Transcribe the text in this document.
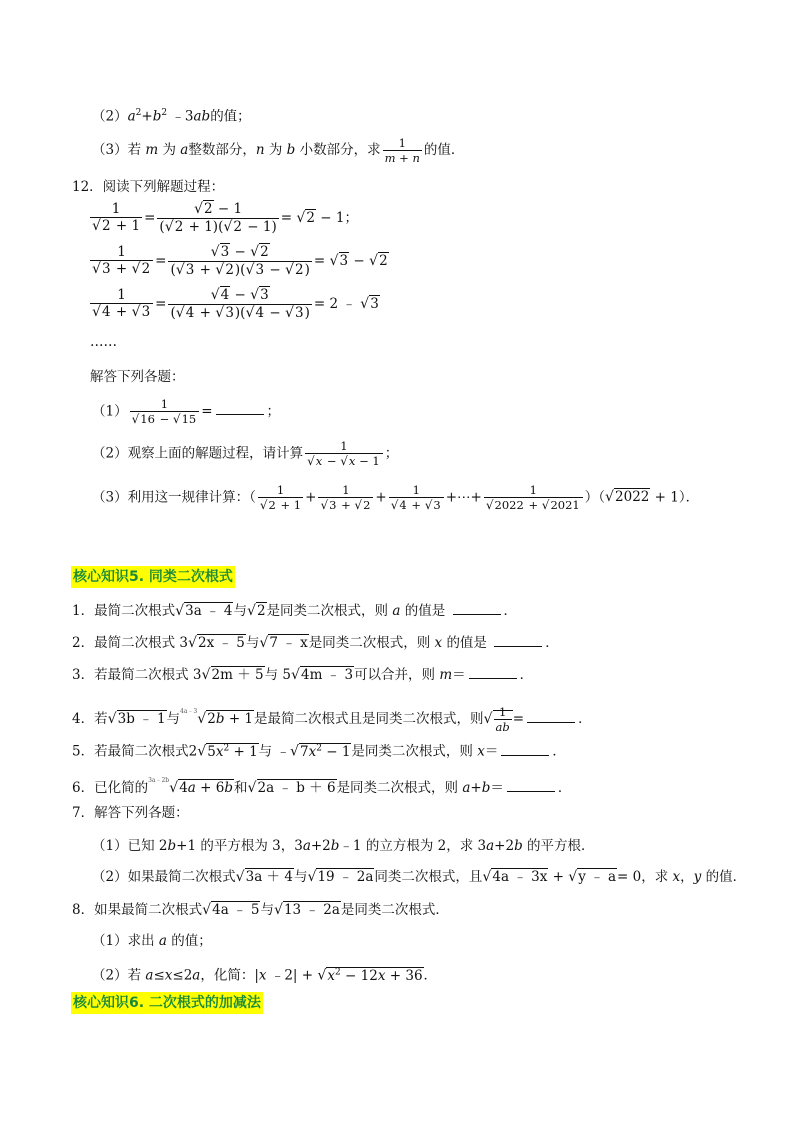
$(2)a^2+b^2$ ﹣3ab的值；
（3）若 m 为 a整数部分，n 为 b 小数部分，求 $\frac{1}{m + n}$ 的值．
12．阅读下列解题过程：
$\frac{1}{√2 + 1} = \frac{√2 - 1}{(√2 + 1)(√2 - 1)} = √2 - 1$；
$\frac{1}{√3 + √2} = \frac{√3 - √2}{(√3 + √2)(√3 - √2)} = √3 - √2$
$\frac{1}{√4 + √3} = \frac{√4 - √3}{(√4 + √3)(√4 - √3)} = 2$ ﹣ √3
……
解答下列各题：
$(1) \frac{1}{√16 - √15}$ =	；
（2）观察上面的解题过程，请计算 $\frac{1}{√x - √x - 1}$ ；
（3）利用这一规律计算：（ $\frac{1}{√2 + 1} + \frac{1}{√3 + √2} + \frac{1}{√4 + √3}$ +⋯+ $\frac{1}{√2022 + √2021} )(√2022 + 1)$．
核心知识5. 同类二次根式
1．最简二次根式√3a ﹣ 4与√2是同类二次根式，则 a 的值是	．
2．最简二次根式 3√2x ﹣ 5与√7 ﹣ x是同类二次根式，则 x 的值是	．
3．若最简二次根式 3√2m ＋ 5与 5√4m ﹣ 3可以合并，则 m＝	．
4．若√3b ﹣ 1与$^{4a﹣3}$√2b + 1是最简二次根式且是同类二次根式，则√ $\frac{1}{ab}$ =	．
5．若最简二次根式$2√5x^2 + 1$与 $﹣√7x^2 - 1$是同类二次根式，则 x＝	．
6．已化简的$^{3a﹣2b}$√4a + 6b和√2a ﹣ b ＋ 6是同类二次根式，则 a+b＝	．
7．解答下列各题：
（1）已知 2b+1 的平方根为 3，3a+2b﹣1 的立方根为 2，求 3a+2b 的平方根．
（2）如果最简二次根式√3a ＋ 4与√19 ﹣ 2a同类二次根式，且√4a ﹣ 3x + √y ﹣ a= 0，求 x，y 的值．
8．如果最简二次根式√4a ﹣ 5与√13 ﹣ 2a是同类二次根式．
（1）求出 a 的值；
（2）若 a≤x≤2a，化简：|x ﹣2| + $√x^2 - 12x + 36$．
核心知识6. 二次根式的加减法
